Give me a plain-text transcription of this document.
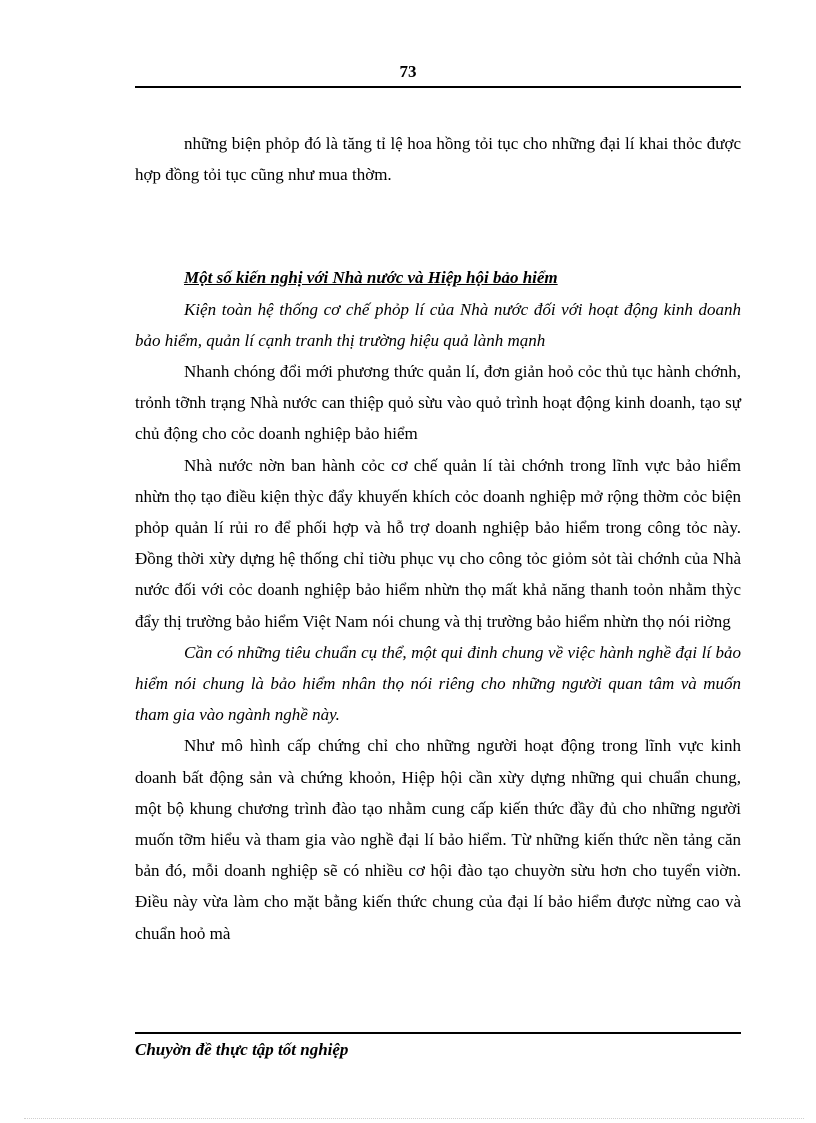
73

những biện phỏp đó là tăng tỉ lệ hoa hồng tỏi tục cho những đại lí khai thỏc được hợp đồng tỏi tục cũng như mua thờm.

Một số kiến nghị với Nhà nước và Hiệp hội bảo hiểm

Kiện toàn hệ thống cơ chế phỏp lí của Nhà nước đối với hoạt động kinh doanh bảo hiểm, quản lí cạnh tranh thị trường hiệu quả lành mạnh

Nhanh chóng đổi mới phương thức quản lí, đơn giản hoỏ cỏc thủ tục hành chớnh, trỏnh tỡnh trạng Nhà nước can thiệp quỏ sừu vào quỏ trình hoạt động kinh doanh, tạo sự chủ động cho cỏc doanh nghiệp bảo hiểm

Nhà nước nờn ban hành cỏc cơ chế quản lí tài chớnh trong lĩnh vực bảo hiểm nhừn thọ tạo điều kiện thỳc đẩy khuyến khích cỏc doanh nghiệp mở rộng thờm cỏc biện phỏp quản lí rủi ro để phối hợp và hỗ trợ doanh nghiệp bảo hiểm trong công tỏc này. Đồng thời xừy dựng hệ thống chỉ tiờu phục vụ cho công tỏc giỏm sỏt tài chớnh của Nhà nước đối với cỏc doanh nghiệp bảo hiểm nhừn thọ mất khả năng thanh toỏn nhằm thỳc đẩy thị trường bảo hiểm Việt Nam nói chung và thị trường bảo hiểm nhừn thọ nói riờng

Cần có những tiêu chuẩn cụ thể, một qui đinh chung về việc hành nghề đại lí bảo hiểm nói chung là bảo hiểm nhân thọ nói riêng cho những người quan tâm và muốn tham gia vào ngành nghề này.

Như mô hình cấp chứng chỉ cho những người hoạt động trong lĩnh vực kinh doanh bất động sản và chứng khoỏn, Hiệp hội cần xừy dựng những qui chuẩn chung, một bộ khung chương trình đào tạo nhằm cung cấp kiến thức đầy đủ cho những người muốn tỡm hiểu và tham gia vào nghề đại lí bảo hiểm. Từ những kiến thức nền tảng căn bản đó, mỗi doanh nghiệp sẽ có nhiều cơ hội đào tạo chuyờn sừu hơn cho tuyển viờn. Điều này vừa làm cho mặt bằng kiến thức chung của đại lí bảo hiểm được nừng cao và chuẩn hoỏ mà

Chuyờn đề thực tập tốt nghiệp
